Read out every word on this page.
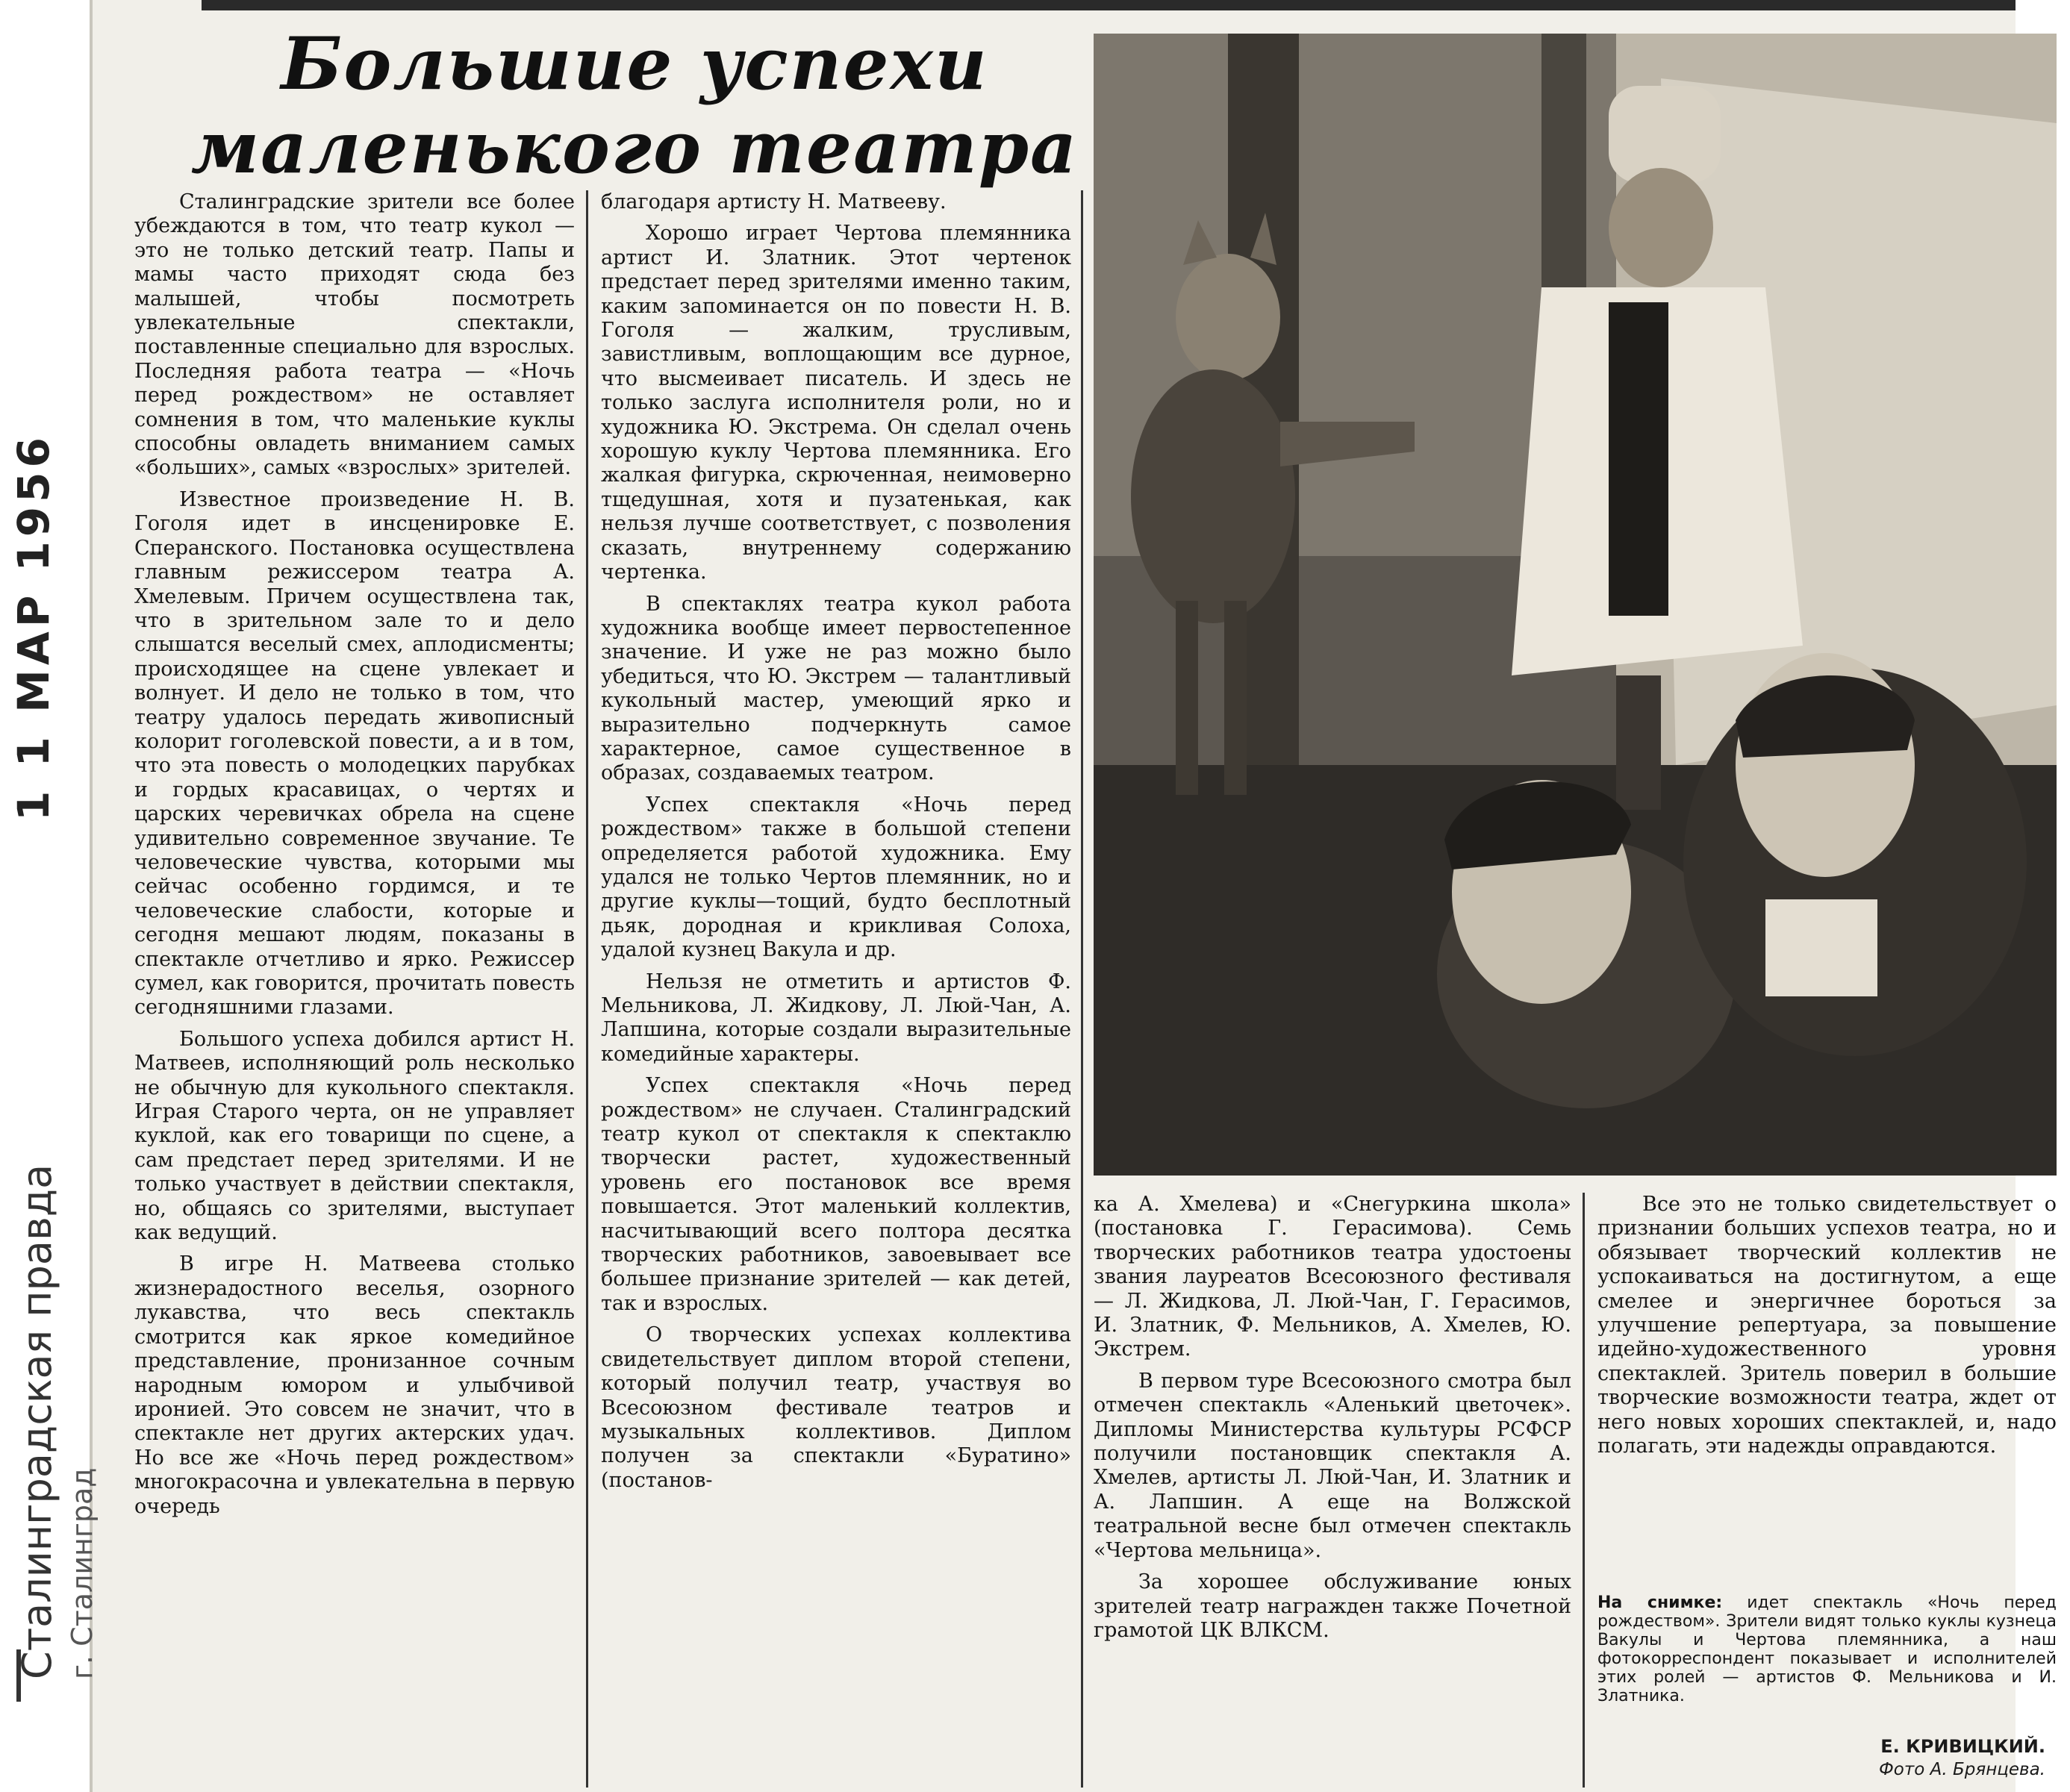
1 1 МАР 1956
Сталинградская правда г. Сталинград
Большие успехи
маленького театра

Сталинградские зрители все более убеждаются в том, что театр кукол — это не только детский театр. Папы и мамы часто приходят сюда без малышей, чтобы посмотреть увлекательные спектакли, поставленные специально для взрослых. Последняя работа театра — «Ночь перед рождеством» не оставляет сомнения в том, что маленькие куклы способны овладеть вниманием самых «больших», самых «взрослых» зрителей.

Известное произведение Н. В. Гоголя идет в инсценировке Е. Сперанского. Постановка осуществлена главным режиссером театра А. Хмелевым. Причем осуществлена так, что в зрительном зале то и дело слышатся веселый смех, аплодисменты; происходящее на сцене увлекает и волнует. И дело не только в том, что театру удалось передать живописный колорит гоголевской повести, а и в том, что эта повесть о молодецких парубках и гордых красавицах, о чертях и царских черевичках обрела на сцене удивительно современное звучание. Те человеческие чувства, которыми мы сейчас особенно гордимся, и те человеческие слабости, которые и сегодня мешают людям, показаны в спектакле отчетливо и ярко. Режиссер сумел, как говорится, прочитать повесть сегодняшними глазами.

Большого успеха добился артист Н. Матвеев, исполняющий роль несколько не обычную для кукольного спектакля. Играя Старого черта, он не управляет куклой, как его товарищи по сцене, а сам предстает перед зрителями. И не только участвует в действии спектакля, но, общаясь со зрителями, выступает как ведущий.

В игре Н. Матвеева столько жизнерадостного веселья, озорного лукавства, что весь спектакль смотрится как яркое комедийное представление, пронизанное сочным народным юмором и улыбчивой иронией. Это совсем не значит, что в спектакле нет других актерских удач. Но все же «Ночь перед рождеством» многокрасочна и увлекательна в первую очередь

благодаря артисту Н. Матвееву.

Хорошо играет Чертова племянника артист И. Златник. Этот чертенок предстает перед зрителями именно таким, каким запоминается он по повести Н. В. Гоголя — жалким, трусливым, завистливым, воплощающим все дурное, что высмеивает писатель. И здесь не только заслуга исполнителя роли, но и художника Ю. Экстрема. Он сделал очень хорошую куклу Чертова племянника. Его жалкая фигурка, скрюченная, неимоверно тщедушная, хотя и пузатенькая, как нельзя лучше соответствует, с позволения сказать, внутреннему содержанию чертенка.

В спектаклях театра кукол работа художника вообще имеет первостепенное значение. И уже не раз можно было убедиться, что Ю. Экстрем — талантливый кукольный мастер, умеющий ярко и выразительно подчеркнуть самое характерное, самое существенное в образах, создаваемых театром.

Успех спектакля «Ночь перед рождеством» также в большой степени определяется работой художника. Ему удался не только Чертов племянник, но и другие куклы—тощий, будто бесплотный дьяк, дородная и крикливая Солоха, удалой кузнец Вакула и др.

Нельзя не отметить и артистов Ф. Мельникова, Л. Жидкову, Л. Люй-Чан, А. Лапшина, которые создали выразительные комедийные характеры.

Успех спектакля «Ночь перед рождеством» не случаен. Сталинградский театр кукол от спектакля к спектаклю творчески растет, художественный уровень его постановок все время повышается. Этот маленький коллектив, насчитывающий всего полтора десятка творческих работников, завоевывает все большее признание зрителей — как детей, так и взрослых.

О творческих успехах коллектива свидетельствует диплом второй степени, который получил театр, участвуя во Всесоюзном фестивале театров и музыкальных коллективов. Диплом получен за спектакли «Буратино» (постанов-

ка А. Хмелева) и «Снегуркина школа» (постановка Г. Герасимова). Семь творческих работников театра удостоены звания лауреатов Всесоюзного фестиваля — Л. Жидкова, Л. Люй-Чан, Г. Герасимов, И. Златник, Ф. Мельников, А. Хмелев, Ю. Экстрем.

В первом туре Всесоюзного смотра был отмечен спектакль «Аленький цветочек». Дипломы Министерства культуры РСФСР получили постановщик спектакля А. Хмелев, артисты Л. Люй-Чан, И. Златник и А. Лапшин. А еще на Волжской театральной весне был отмечен спектакль «Чертова мельница».

За хорошее обслуживание юных зрителей театр награжден также Почетной грамотой ЦК ВЛКСМ.

Все это не только свидетельствует о признании больших успехов театра, но и обязывает творческий коллектив не успокаиваться на достигнутом, а еще смелее и энергичнее бороться за улучшение репертуара, за повышение идейно-художественного уровня спектаклей. Зритель поверил в большие творческие возможности театра, ждет от него новых хороших спектаклей, и, надо полагать, эти надежды оправдаются.

На снимке: идет спектакль «Ночь перед рождеством». Зрители видят только куклы кузнеца Вакулы и Чертова племянника, а наш фотокорреспондент показывает и исполнителей этих ролей — артистов Ф. Мельникова и И. Златника.
Е. КРИВИЦКИЙ.
Фото А. Брянцева.
